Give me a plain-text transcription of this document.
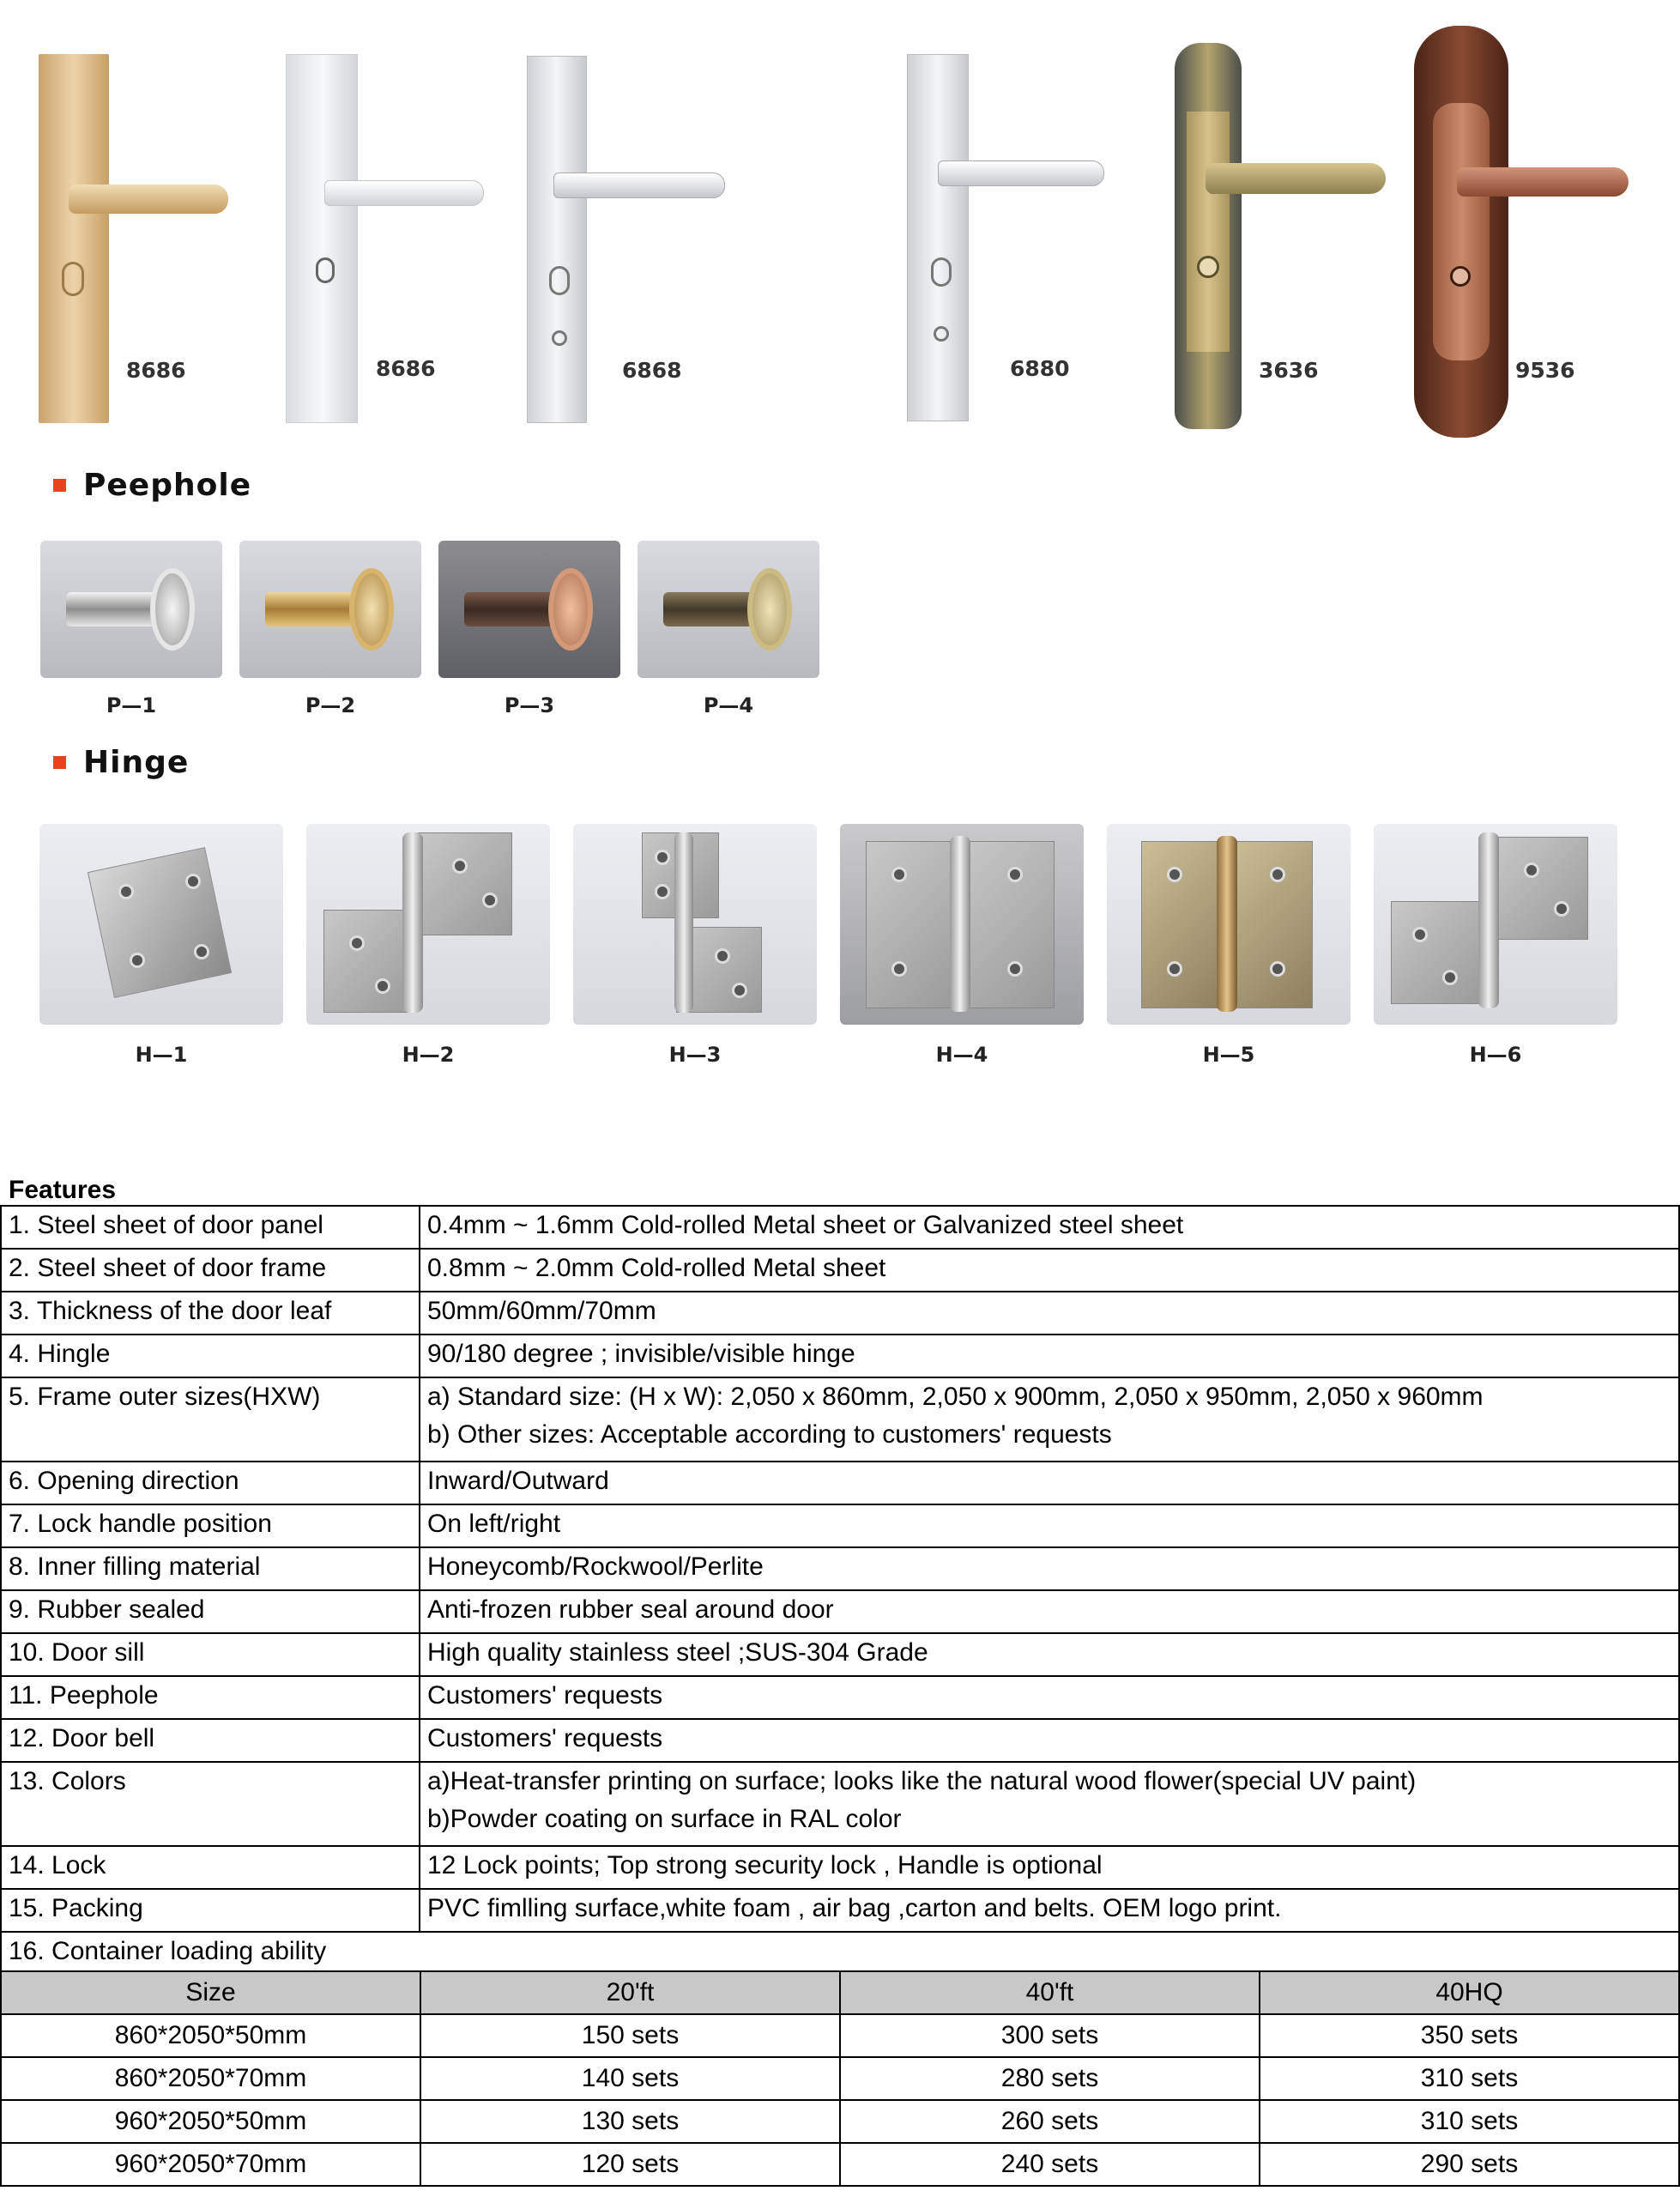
8686	8686	6868	6880	3636	9536
Peephole
P—1	P—2	P—3	P—4
Hinge
H—1	H—2	H—3	H—4	H—5	H—6
Features
1. Steel sheet of door panel	0.4mm ~ 1.6mm Cold-rolled Metal sheet or Galvanized steel sheet

2. Steel sheet of door frame	0.8mm ~ 2.0mm Cold-rolled Metal sheet

3. Thickness of the door leaf	50mm/60mm/70mm

4. Hingle	90/180 degree ; invisible/visible hinge

5. Frame outer sizes(HXW)	a) Standard size: (H x W): 2,050 x 860mm, 2,050 x 900mm, 2,050 x 950mm, 2,050 x 960mm
b) Other sizes: Acceptable according to customers' requests

6. Opening direction	Inward/Outward

7. Lock handle position	On left/right

8. Inner filling material	Honeycomb/Rockwool/Perlite

9. Rubber sealed	Anti-frozen rubber seal around door

10. Door sill	High quality stainless steel ;SUS-304 Grade

11. Peephole	Customers' requests

12. Door bell	Customers' requests

13. Colors	a)Heat-transfer printing on surface; looks like the natural wood flower(special UV paint)
b)Powder coating on surface in RAL color

14. Lock	12 Lock points; Top strong security lock , Handle is optional

15. Packing	PVC fimlling surface,white foam , air bag ,carton and belts. OEM logo print.

16. Container loading ability	
Size	20'ft	40'ft	40HQ
860*2050*50mm	150 sets	300 sets	350 sets
860*2050*70mm	140 sets	280 sets	310 sets
960*2050*50mm	130 sets	260 sets	310 sets
960*2050*70mm	120 sets	240 sets	290 sets
